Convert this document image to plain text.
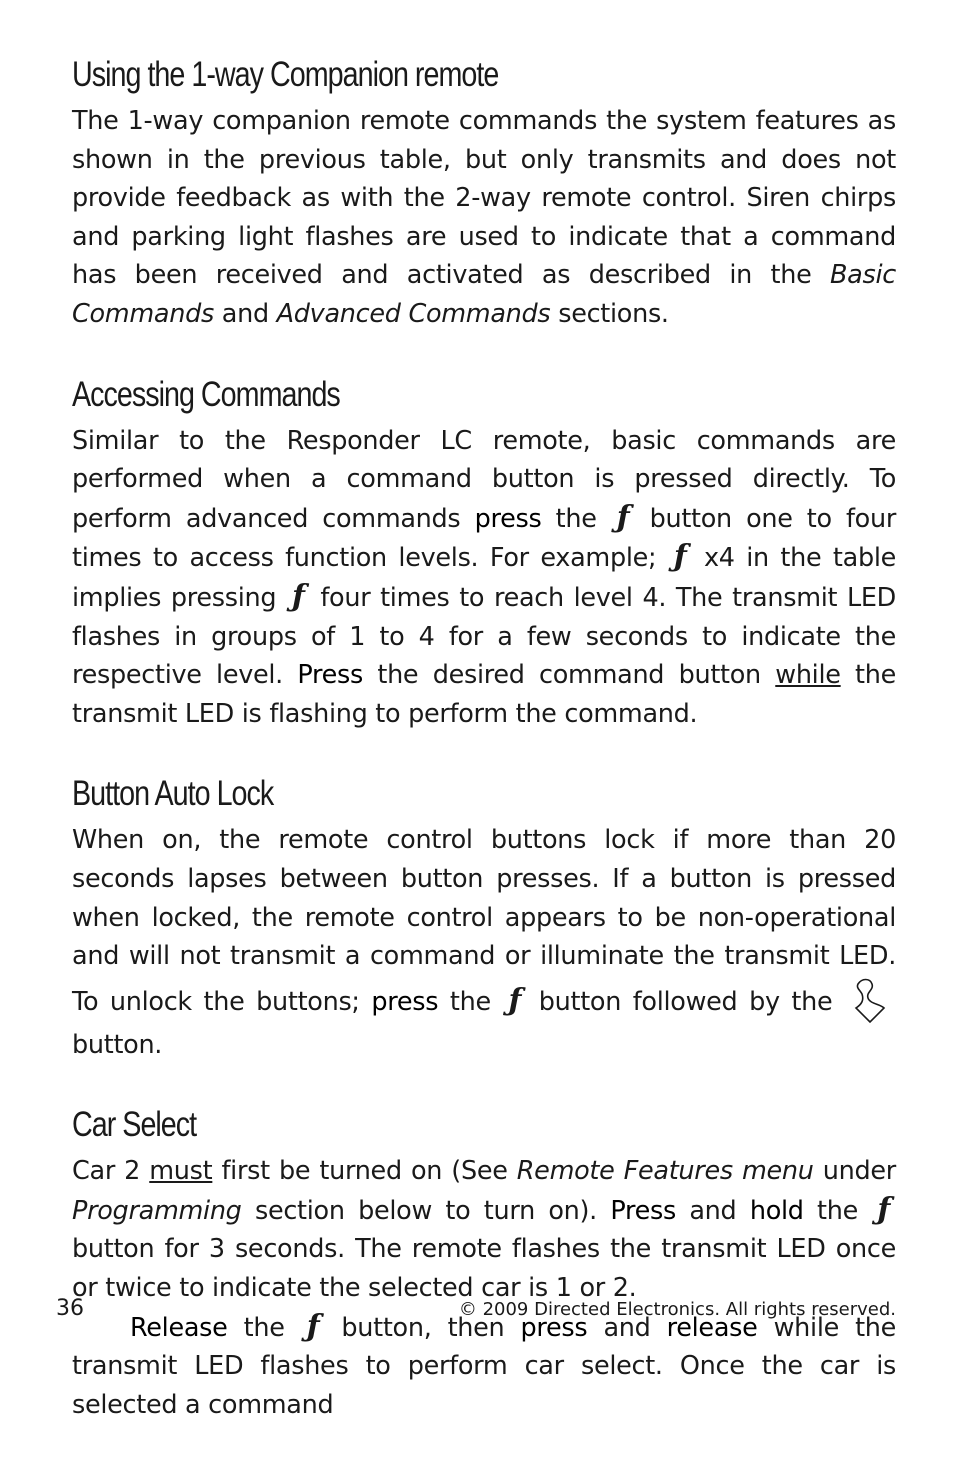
Using the 1-way Companion remote

The 1-way companion remote commands the system features as shown in the previous table, but only transmits and does not provide feedback as with the 2-way remote control. Siren chirps and parking light flashes are used to indicate that a command has been received and activated as described in the Basic Commands and Advanced Commands sections.

Accessing Commands

Similar to the Responder LC remote, basic commands are performed when a command button is pressed directly. To perform advanced commands press the ƒ button one to four times to access function levels. For example; ƒ x4 in the table implies pressing ƒ four times to reach level 4. The transmit LED flashes in groups of 1 to 4 for a few seconds to indicate the respective level. Press the desired command button while the transmit LED is flashing to perform the command.

Button Auto Lock

When on, the remote control buttons lock if more than 20 seconds lapses between button presses. If a button is pressed when locked, the remote control appears to be non-operational and will not transmit a command or illuminate the transmit LED. To unlock the buttons; press the ƒ button followed by the  button.

Car Select

Car 2 must first be turned on (See Remote Features menu under Programming section below to turn on). Press and hold the ƒ button for 3 seconds. The remote flashes the transmit LED once or twice to indicate the selected car is 1 or 2.

Release the ƒ button, then press and release while the transmit LED flashes to perform car select. Once the car is selected a command

36	© 2009 Directed Electronics. All rights reserved.
